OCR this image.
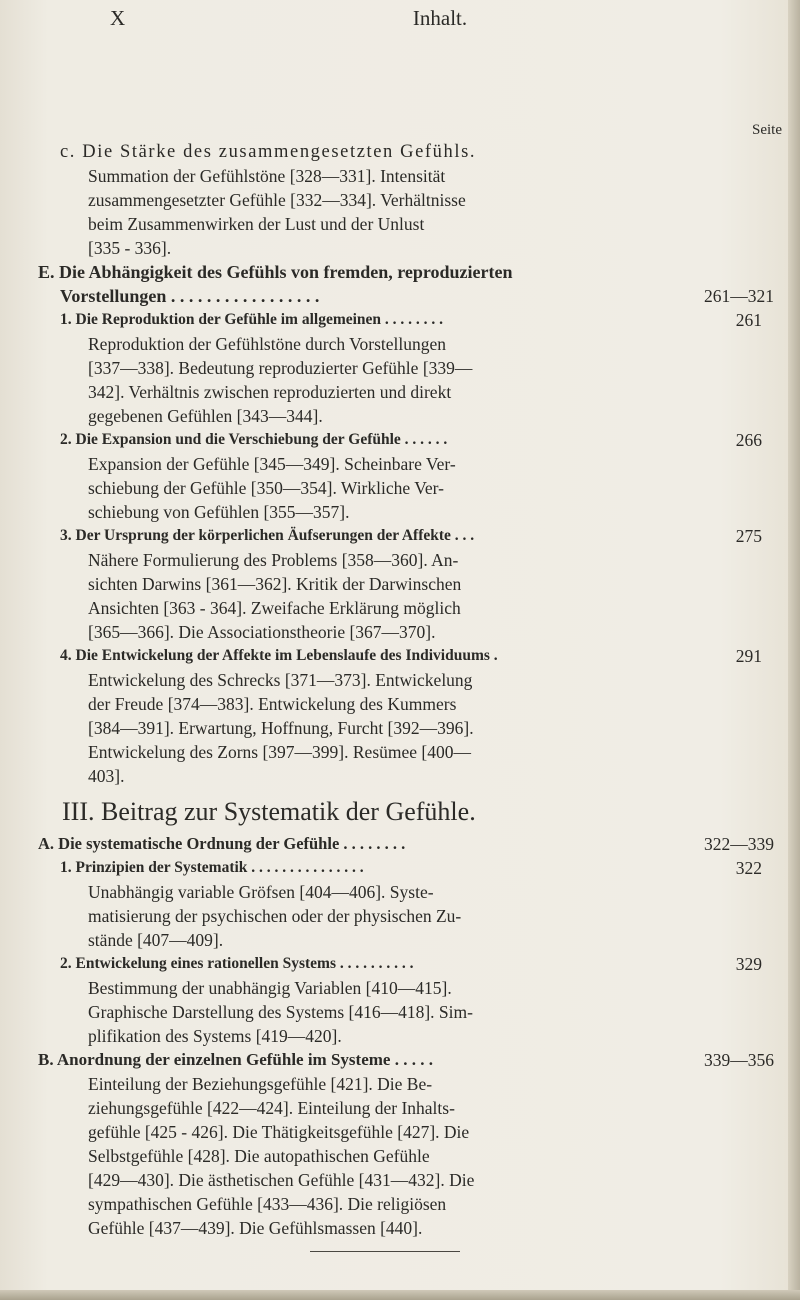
X	Inhalt.
Seite
c. Die Stärke des zusammengesetzten Gefühls.
Summation der Gefühlstöne [328—331]. Intensität
zusammengesetzter Gefühle [332—334]. Verhältnisse
beim Zusammenwirken der Lust und der Unlust
[335 - 336].
E. Die Abhängigkeit des Gefühls von fremden, reproduzierten
Vorstellungen . . . . . . . . . . . . . . . . .	261—321
1. Die Reproduktion der Gefühle im allgemeinen . . . . . . . .	261
Reproduktion der Gefühlstöne durch Vorstellungen
[337—338]. Bedeutung reproduzierter Gefühle [339—
342]. Verhältnis zwischen reproduzierten und direkt
gegebenen Gefühlen [343—344].
2. Die Expansion und die Verschiebung der Gefühle . . . . . .	266
Expansion der Gefühle [345—349]. Scheinbare Ver-
schiebung der Gefühle [350—354]. Wirkliche Ver-
schiebung von Gefühlen [355—357].
3. Der Ursprung der körperlichen Äufserungen der Affekte . . .	275
Nähere Formulierung des Problems [358—360]. An-
sichten Darwins [361—362]. Kritik der Darwinschen
Ansichten [363 - 364]. Zweifache Erklärung möglich
[365—366]. Die Associationstheorie [367—370].
4. Die Entwickelung der Affekte im Lebenslaufe des Individuums .	291
Entwickelung des Schrecks [371—373]. Entwickelung
der Freude [374—383]. Entwickelung des Kummers
[384—391]. Erwartung, Hoffnung, Furcht [392—396].
Entwickelung des Zorns [397—399]. Resümee [400—
403].
III. Beitrag zur Systematik der Gefühle.
A. Die systematische Ordnung der Gefühle . . . . . . . .	322—339
1. Prinzipien der Systematik . . . . . . . . . . . . . . .	322
Unabhängig variable Gröfsen [404—406]. Syste-
matisierung der psychischen oder der physischen Zu-
stände [407—409].
2. Entwickelung eines rationellen Systems . . . . . . . . . .	329
Bestimmung der unabhängig Variablen [410—415].
Graphische Darstellung des Systems [416—418]. Sim-
plifikation des Systems [419—420].
B. Anordnung der einzelnen Gefühle im Systeme . . . . .	339—356
Einteilung der Beziehungsgefühle [421]. Die Be-
ziehungsgefühle [422—424]. Einteilung der Inhalts-
gefühle [425 - 426]. Die Thätigkeitsgefühle [427]. Die
Selbstgefühle [428]. Die autopathischen Gefühle
[429—430]. Die ästhetischen Gefühle [431—432]. Die
sympathischen Gefühle [433—436]. Die religiösen
Gefühle [437—439]. Die Gefühlsmassen [440].
